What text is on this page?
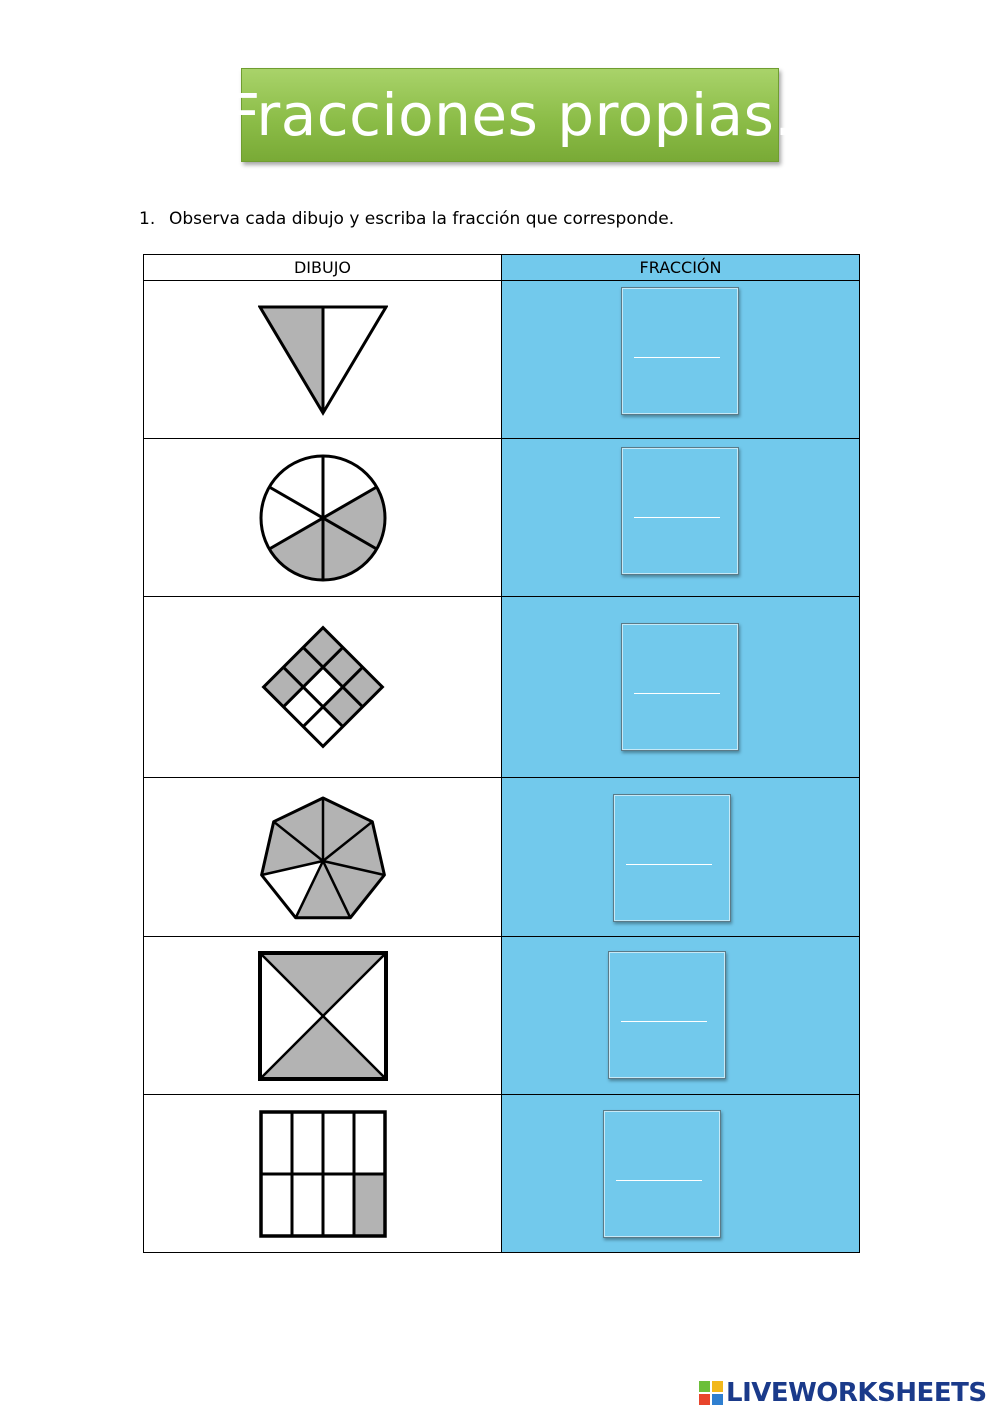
Fracciones propias.
1. Observa cada dibujo y escriba la fracción que corresponde.
DIBUJO	FRACCIÓN

LIVEWORKSHEETS
